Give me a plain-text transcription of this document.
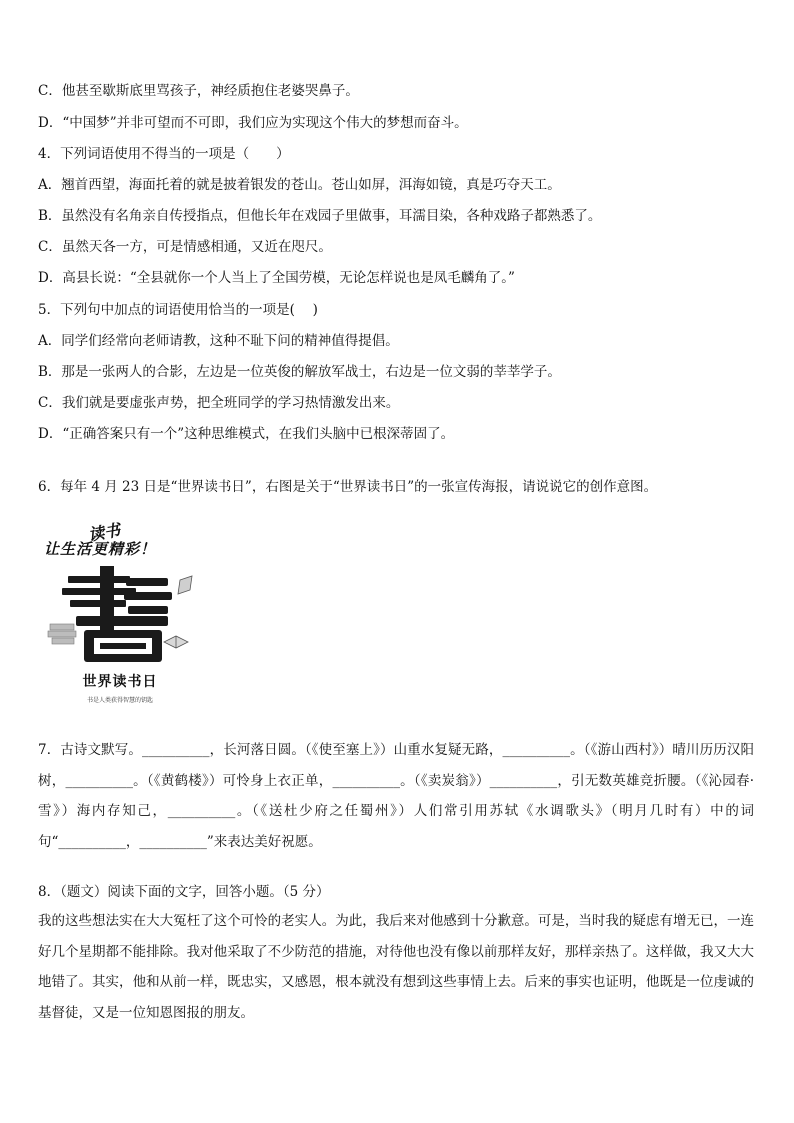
C．他甚至歇斯底里骂孩子，神经质抱住老婆哭鼻子。
D．“中国梦”并非可望而不可即，我们应为实现这个伟大的梦想而奋斗。
4．下列词语使用不得当的一项是（　　）
A．翘首西望，海面托着的就是披着银发的苍山。苍山如屏，洱海如镜，真是巧夺天工。
B．虽然没有名角亲自传授指点，但他长年在戏园子里做事，耳濡目染，各种戏路子都熟悉了。
C．虽然天各一方，可是情感相通，又近在咫尺。
D．高县长说：“全县就你一个人当上了全国劳模，无论怎样说也是凤毛麟角了。”
5．下列句中加点的词语使用恰当的一项是(　 )
A．同学们经常向老师请教，这种不耻下问的精神值得提倡。
B．那是一张两人的合影，左边是一位英俊的解放军战士，右边是一位文弱的莘莘学子。
C．我们就是要虚张声势，把全班同学的学习热情激发出来。
D．“正确答案只有一个”这种思维模式，在我们头脑中已根深蒂固了。
6．每年 4 月 23 日是“世界读书日”，右图是关于“世界读书日”的一张宣传海报，请说说它的创作意图。
读书
让生活更精彩！
世界读书日
书是人类获得智慧的钥匙
7．古诗文默写。__________，长河落日圆。（《使至塞上》）山重水复疑无路，__________。（《游山西村》）晴川历历汉阳树，__________。（《黄鹤楼》）可怜身上衣正单，__________。（《卖炭翁》）__________，引无数英雄竞折腰。（《沁园春·雪》）海内存知己，__________。（《送杜少府之任蜀州》）人们常引用苏轼《水调歌头》（明月几时有）中的词句“__________，__________”来表达美好祝愿。
8．（题文）阅读下面的文字，回答小题。（5 分）
我的这些想法实在大大冤枉了这个可怜的老实人。为此，我后来对他感到十分歉意。可是，当时我的疑虑有增无已，一连好几个星期都不能排除。我对他采取了不少防范的措施，对待他也没有像以前那样友好，那样亲热了。这样做，我又大大地错了。其实，他和从前一样，既忠实，又感恩，根本就没有想到这些事情上去。后来的事实也证明，他既是一位虔诚的基督徒，又是一位知恩图报的朋友。
